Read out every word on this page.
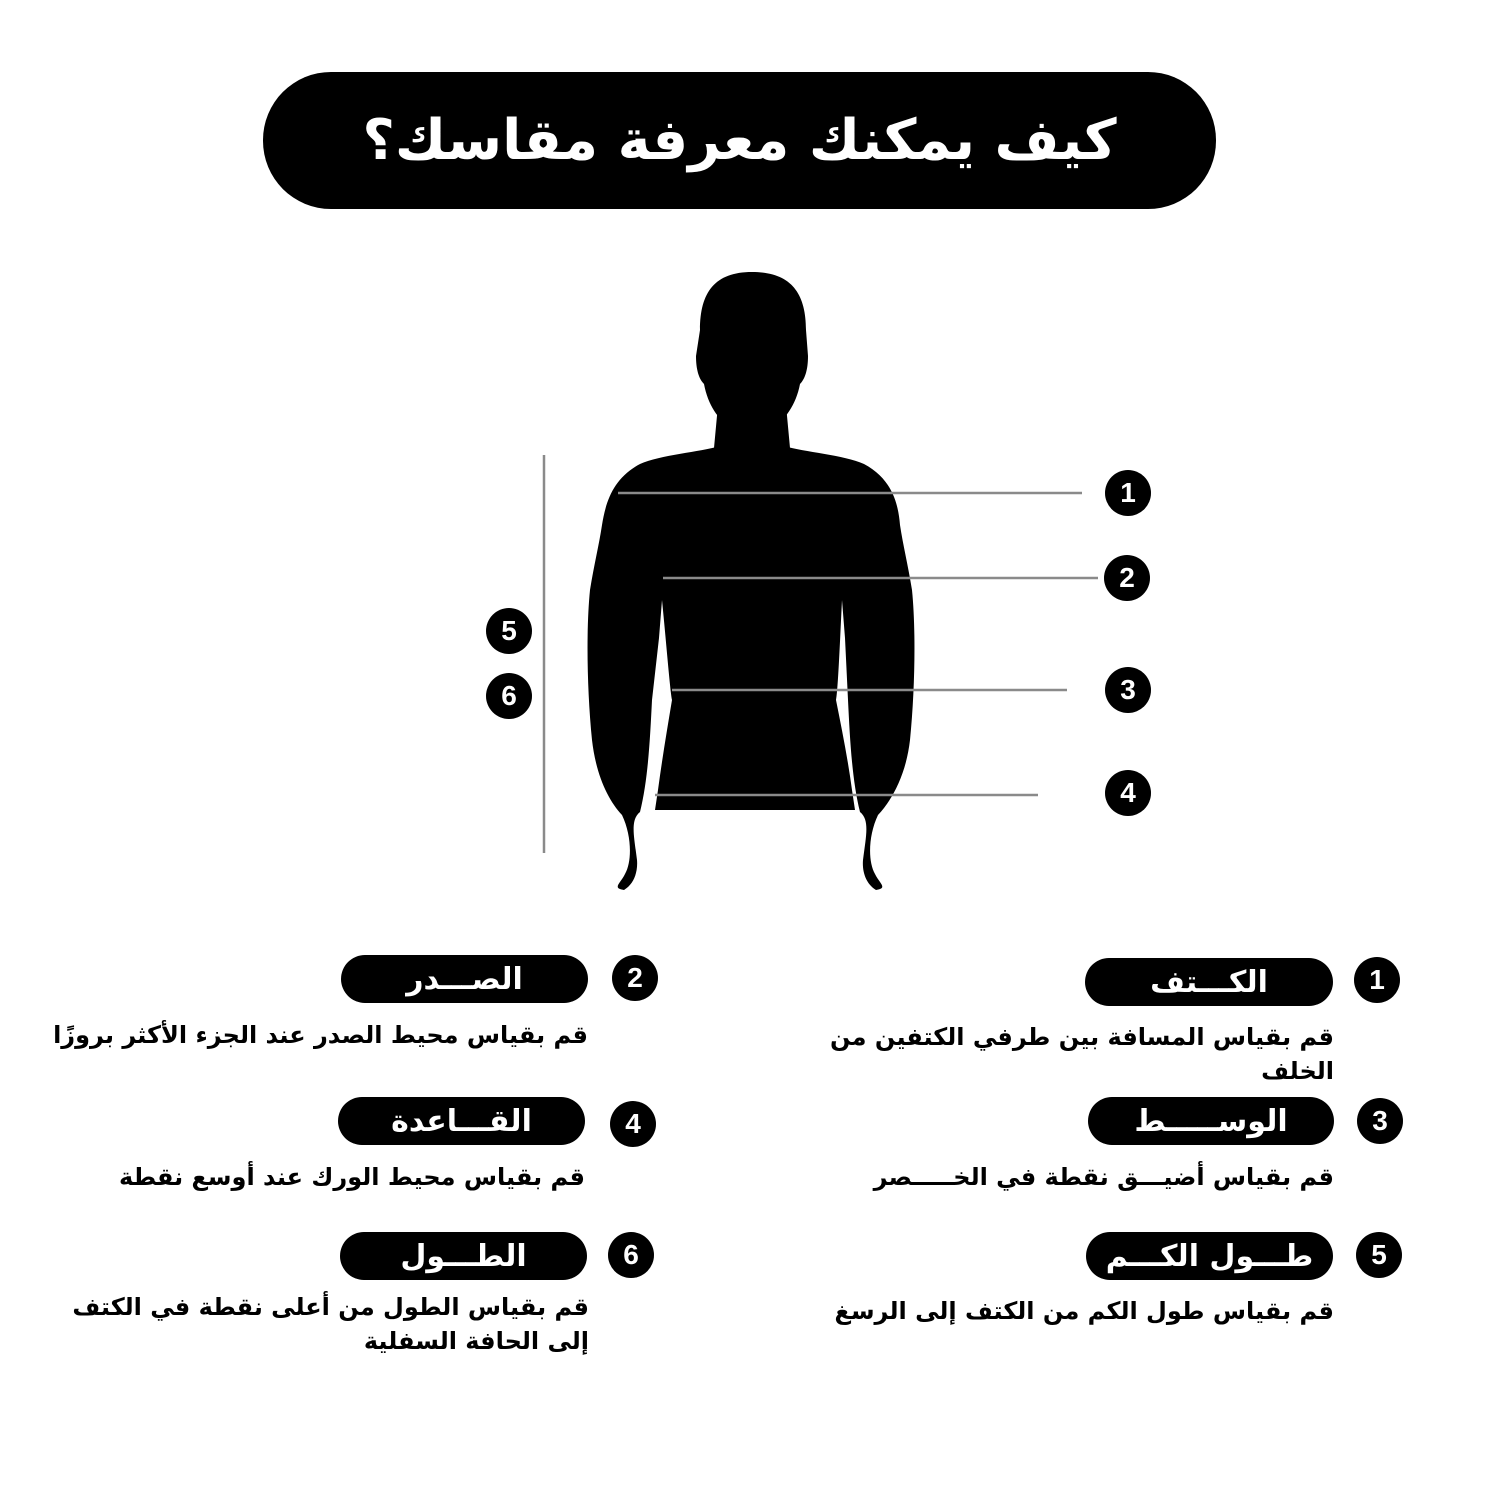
كيف يمكنك معرفة مقاسك؟
1
2
3
4
5
6
1
الكـــتف
قم بقياس المسافة بين طرفي الكتفين من الخلف
2
الصـــدر
قم بقياس محيط الصدر عند الجزء الأكثر بروزًا
3
الوســـــط
قم بقياس أضيـــق نقطة في الخـــــصر
4
القـــاعدة
قم بقياس محيط الورك عند أوسع نقطة
5
طـــول الكـــم
قم بقياس طول الكم من الكتف إلى الرسغ
6
الطـــول
قم بقياس الطول من أعلى نقطة في الكتف
إلى الحافة السفلية
